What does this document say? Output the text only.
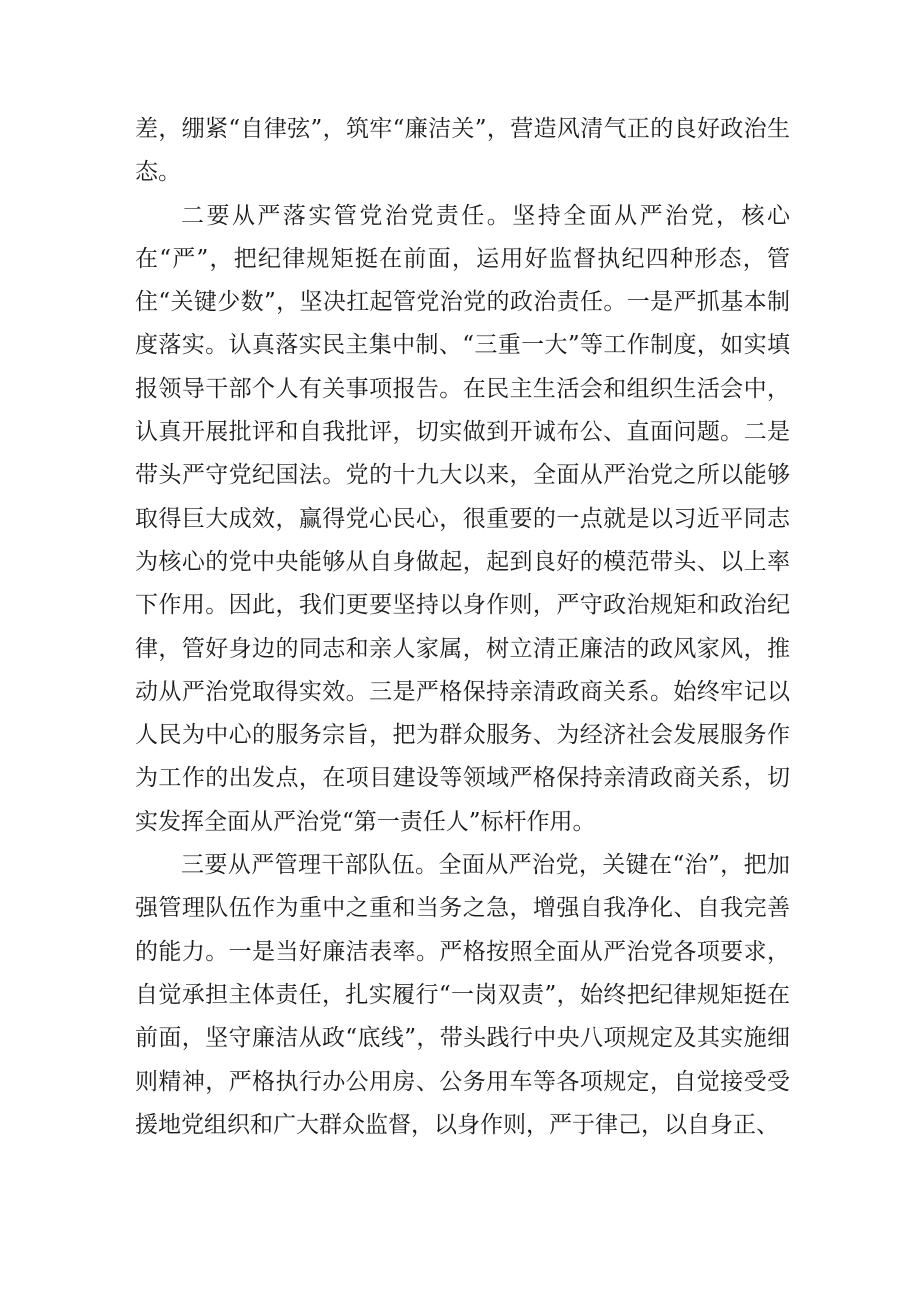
差，绷紧“自律弦”，筑牢“廉洁关”，营造风清气正的良好政治生态。

二要从严落实管党治党责任。坚持全面从严治党，核心在“严”，把纪律规矩挺在前面，运用好监督执纪四种形态，管住“关键少数”，坚决扛起管党治党的政治责任。一是严抓基本制度落实。认真落实民主集中制、“三重一大”等工作制度，如实填报领导干部个人有关事项报告。在民主生活会和组织生活会中，认真开展批评和自我批评，切实做到开诚布公、直面问题。二是带头严守党纪国法。党的十九大以来，全面从严治党之所以能够取得巨大成效，赢得党心民心，很重要的一点就是以习近平同志为核心的党中央能够从自身做起，起到良好的模范带头、以上率下作用。因此，我们更要坚持以身作则，严守政治规矩和政治纪律，管好身边的同志和亲人家属，树立清正廉洁的政风家风，推动从严治党取得实效。三是严格保持亲清政商关系。始终牢记以人民为中心的服务宗旨，把为群众服务、为经济社会发展服务作为工作的出发点，在项目建设等领域严格保持亲清政商关系，切实发挥全面从严治党“第一责任人”标杆作用。

三要从严管理干部队伍。全面从严治党，关键在“治”，把加强管理队伍作为重中之重和当务之急，增强自我净化、自我完善的能力。一是当好廉洁表率。严格按照全面从严治党各项要求，自觉承担主体责任，扎实履行“一岗双责”，始终把纪律规矩挺在前面，坚守廉洁从政“底线”，带头践行中央八项规定及其实施细则精神，严格执行办公用房、公务用车等各项规定，自觉接受受援地党组织和广大群众监督，以身作则，严于律己，以自身正、
